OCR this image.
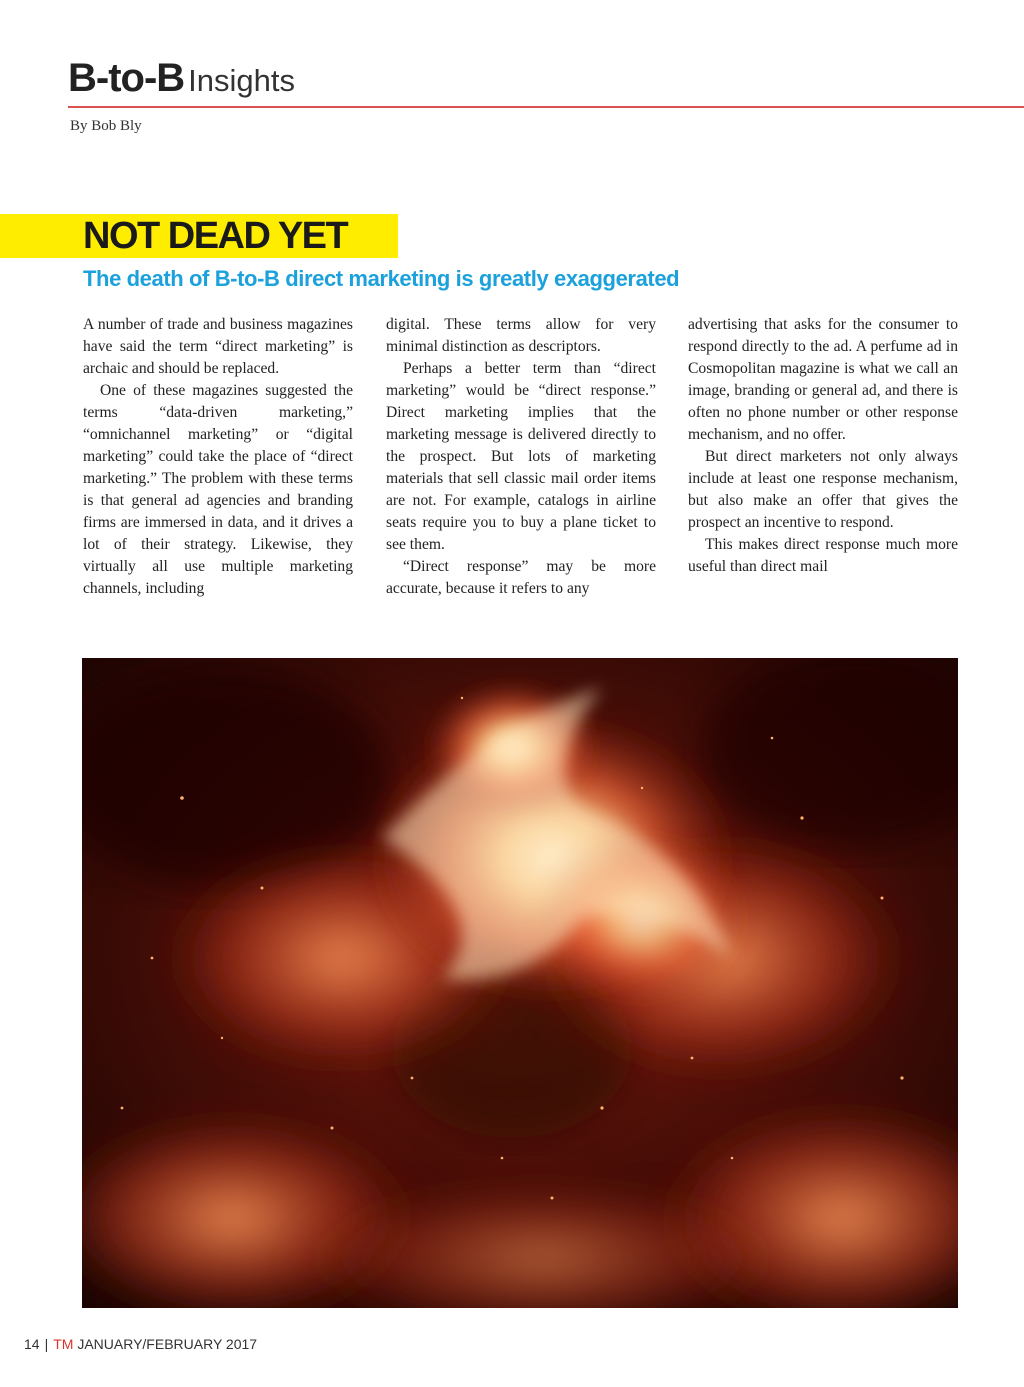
B-to-B Insights
By Bob Bly
NOT DEAD YET
The death of B-to-B direct marketing is greatly exaggerated

A number of trade and business magazines have said the term “direct marketing” is archaic and should be replaced.

One of these magazines suggested the terms “data-driven marketing,” “omnichannel marketing” or “digital marketing” could take the place of “direct marketing.” The problem with these terms is that general ad agencies and branding firms are immersed in data, and it drives a lot of their strategy. Likewise, they virtually all use multiple marketing channels, including

digital. These terms allow for very minimal distinction as descriptors.

Perhaps a better term than “direct marketing” would be “direct response.” Direct marketing implies that the marketing message is delivered directly to the prospect. But lots of marketing materials that sell classic mail order items are not. For example, catalogs in airline seats require you to buy a plane ticket to see them.

“Direct response” may be more accurate, because it refers to any

advertising that asks for the consumer to respond directly to the ad. A perfume ad in Cosmopolitan magazine is what we call an image, branding or general ad, and there is often no phone number or other response mechanism, and no offer.

But direct marketers not only always include at least one response mechanism, but also make an offer that gives the prospect an incentive to respond.

This makes direct response much more useful than direct mail

14 | TM JANUARY/FEBRUARY 2017
